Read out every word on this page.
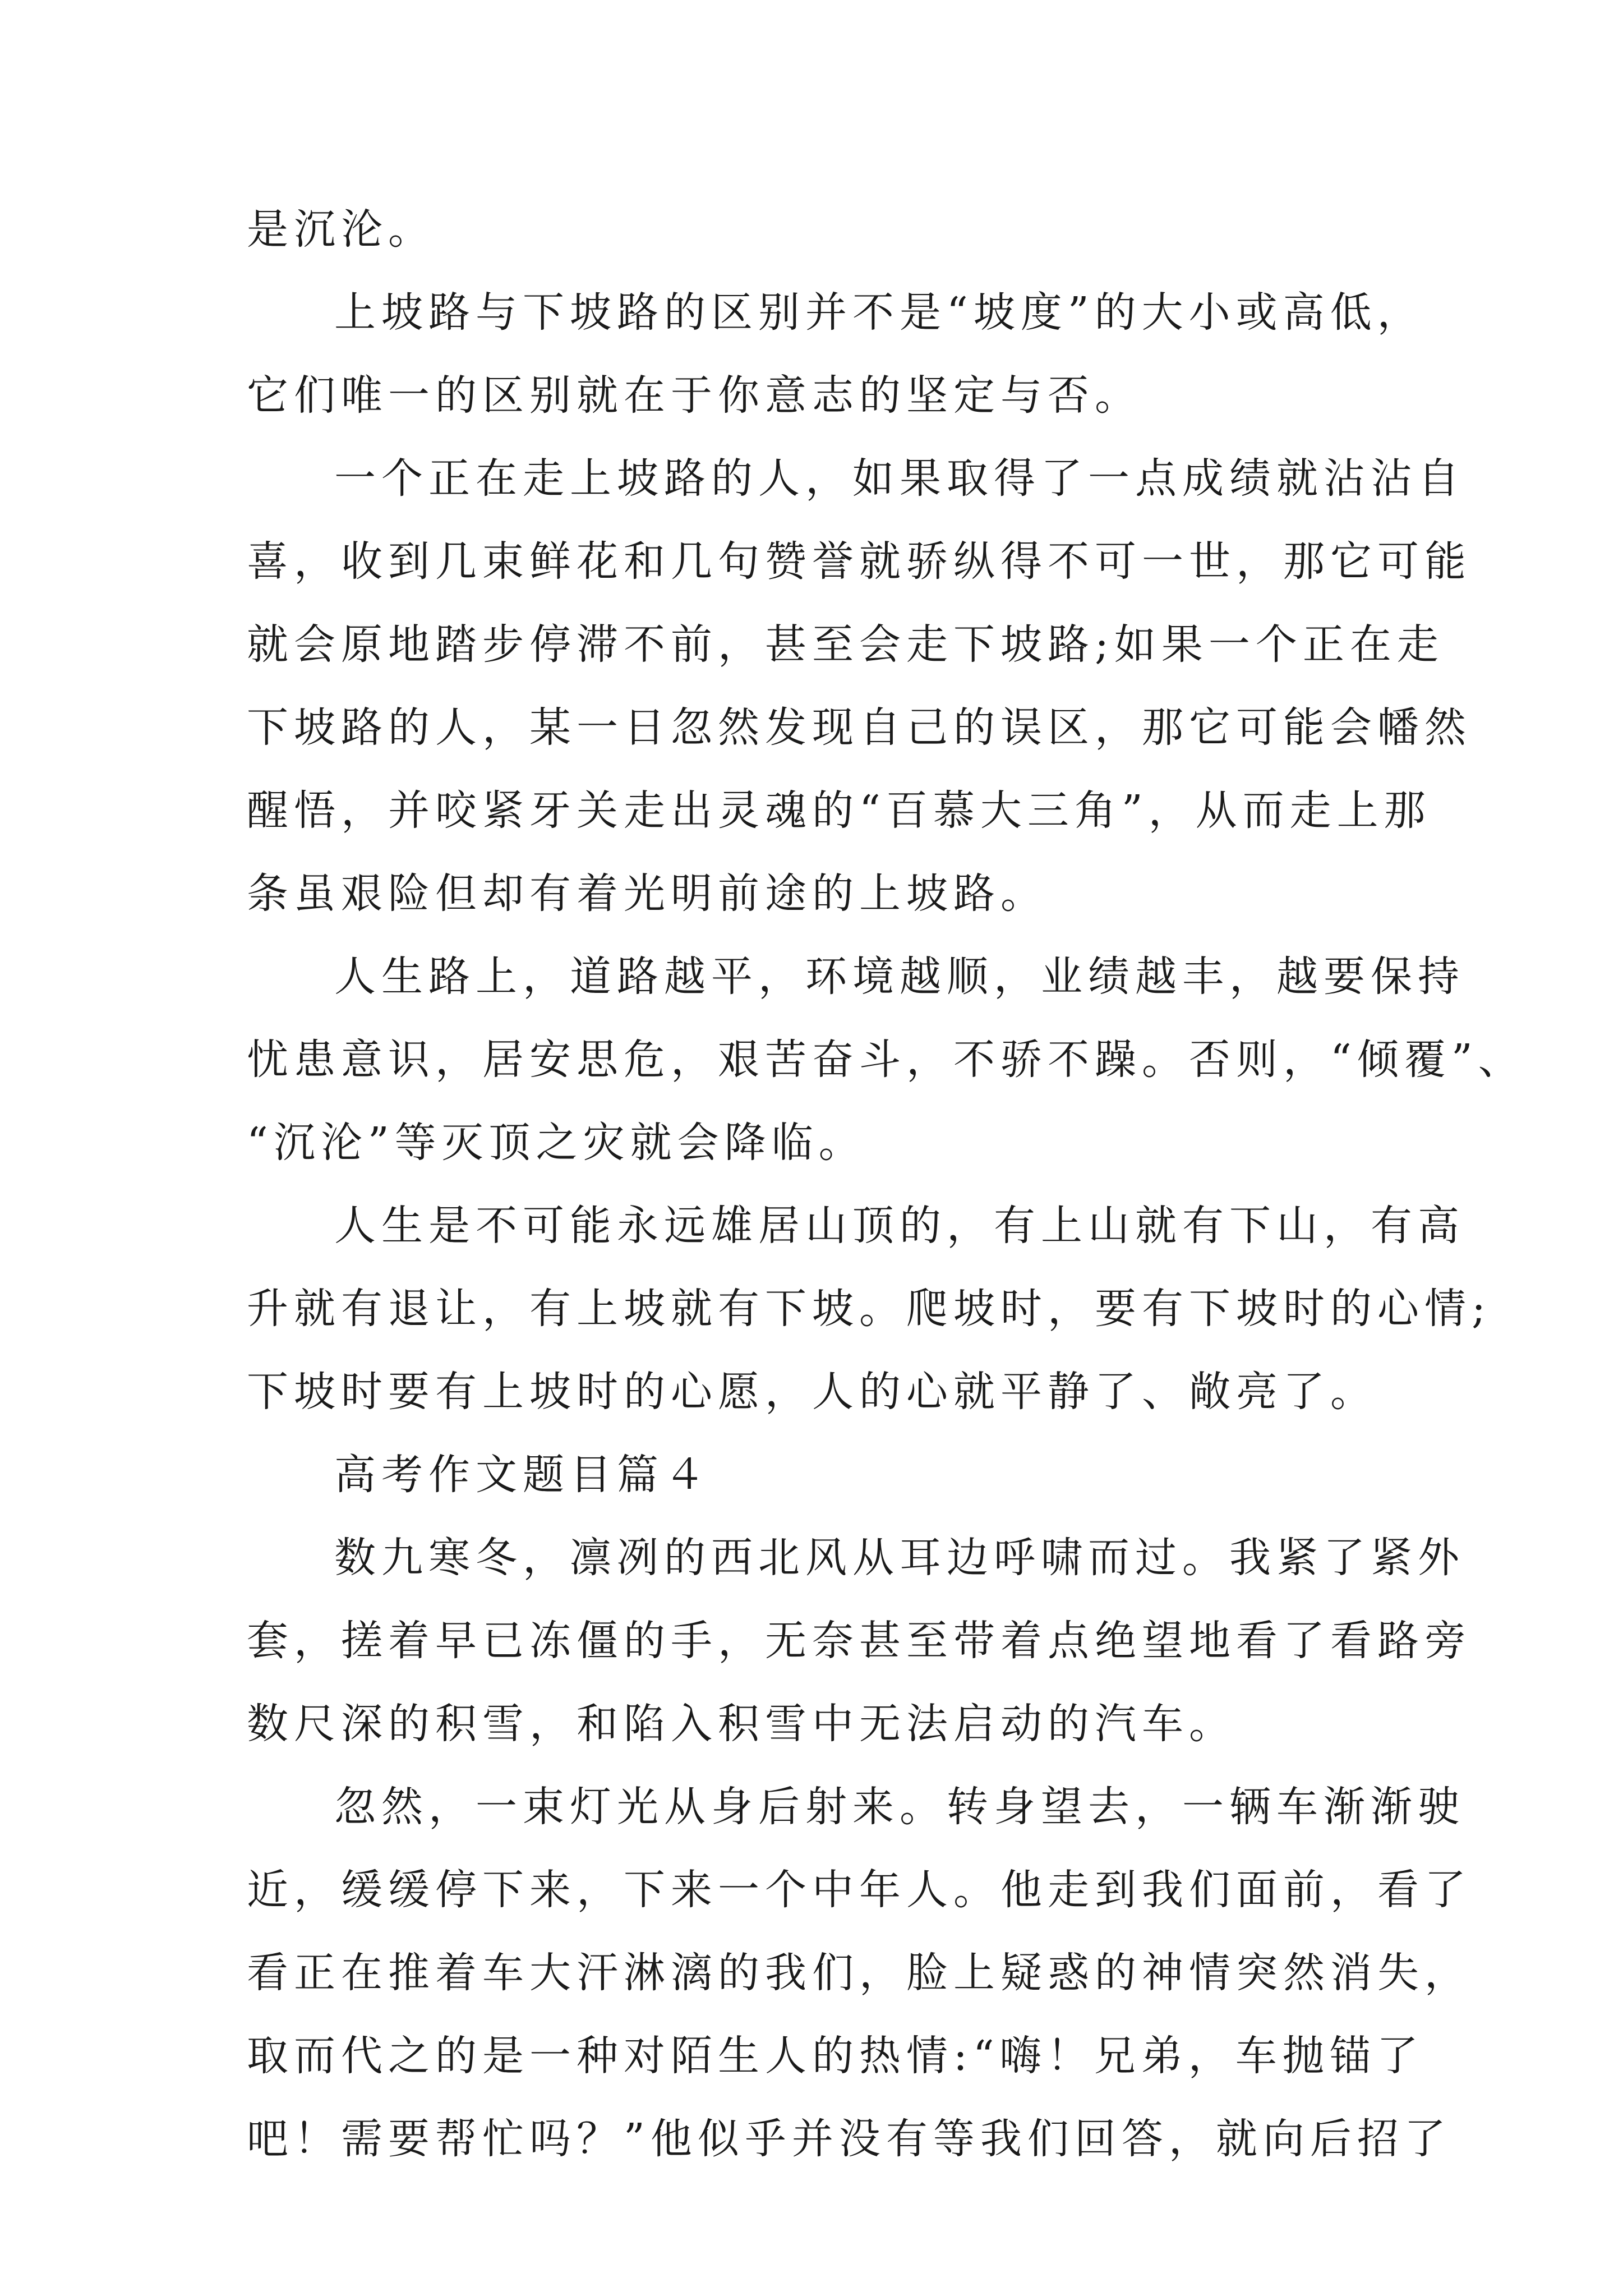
是沉沦。

上坡路与下坡路的区别并不是“坡度”的大小或高低，

它们唯一的区别就在于你意志的坚定与否。

一个正在走上坡路的人，如果取得了一点成绩就沾沾自

喜，收到几束鲜花和几句赞誉就骄纵得不可一世，那它可能

就会原地踏步停滞不前，甚至会走下坡路;如果一个正在走

下坡路的人，某一日忽然发现自己的误区，那它可能会幡然

醒悟，并咬紧牙关走出灵魂的“百慕大三角”，从而走上那

条虽艰险但却有着光明前途的上坡路。

人生路上，道路越平，环境越顺，业绩越丰，越要保持

忧患意识，居安思危，艰苦奋斗，不骄不躁。否则，“倾覆”、

“沉沦”等灭顶之灾就会降临。

人生是不可能永远雄居山顶的，有上山就有下山，有高

升就有退让，有上坡就有下坡。爬坡时，要有下坡时的心情;

下坡时要有上坡时的心愿，人的心就平静了、敞亮了。

高考作文题目篇４

数九寒冬，凛冽的西北风从耳边呼啸而过。我紧了紧外

套，搓着早已冻僵的手，无奈甚至带着点绝望地看了看路旁

数尺深的积雪，和陷入积雪中无法启动的汽车。

忽然，一束灯光从身后射来。转身望去，一辆车渐渐驶

近，缓缓停下来，下来一个中年人。他走到我们面前，看了

看正在推着车大汗淋漓的我们，脸上疑惑的神情突然消失，

取而代之的是一种对陌生人的热情:“嗨！兄弟，车抛锚了

吧！需要帮忙吗？”他似乎并没有等我们回答，就向后招了
